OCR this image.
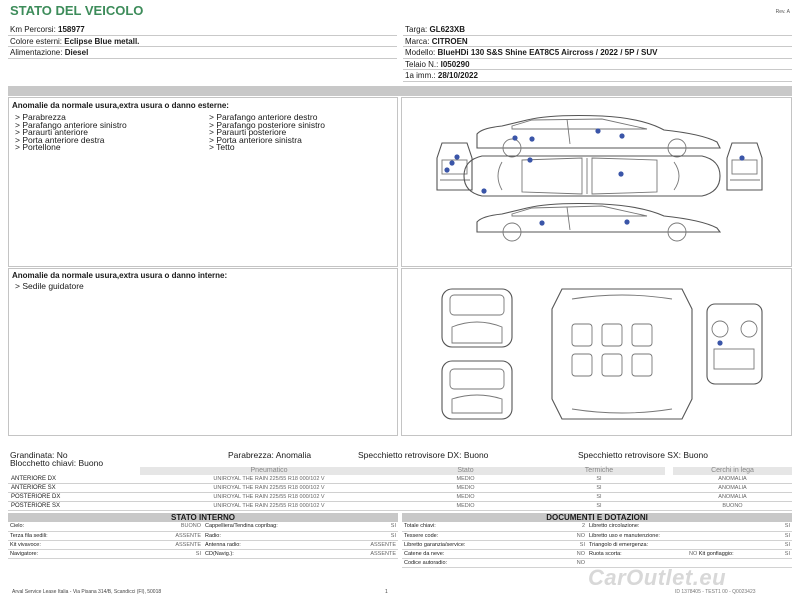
STATO DEL VEICOLO	Rev. A
Km Percorsi: 158977
Colore esterni: Eclipse Blue metall.
Alimentazione: Diesel
Targa: GL623XB
Marca: CITROEN
Modello: BlueHDi 130 S&S Shine EAT8C5 Aircross / 2022 / 5P / SUV
Telaio N.: I050290
1a imm.: 28/10/2022
Anomalie da normale usura,extra usura o danno esterne:
> Parabrezza
> Parafango anteriore sinistro
> Paraurti anteriore
> Porta anteriore destra
> Portellone
> Parafango anteriore destro
> Parafango posteriore sinistro
> Paraurti posteriore
> Porta anteriore sinistra
> Tetto
Anomalie da normale usura,extra usura o danno interne:
> Sedile guidatore
Grandinata: No	Parabrezza: Anomalia	Specchietto retrovisore DX: Buono	Specchietto retrovisore SX: Buono
Blocchetto chiavi: Buono
	Pneumatico	Stato	Termiche		Cerchi in lega
ANTERIORE DX	UNIROYAL THE RAIN 225/55 R18 000/102 V	MEDIO	SI		ANOMALIA
ANTERIORE SX	UNIROYAL THE RAIN 225/55 R18 000/102 V	MEDIO	SI		ANOMALIA
POSTERIORE DX	UNIROYAL THE RAIN 225/55 R18 000/102 V	MEDIO	SI		ANOMALIA
POSTERIORE SX	UNIROYAL THE RAIN 225/55 R18 000/102 V	MEDIO	SI		BUONO
STATO INTERNO
Cielo:	BUONO	Cappelliera/Tendina copribag:	SI
Terza fila sedili:	ASSENTE	Radio:	SI
Kit vivavoce:	ASSENTE	Antenna radio:	ASSENTE
Navigatore:	SI	CD(Navig.):	ASSENTE
DOCUMENTI E DOTAZIONI
Totale chiavi:	2	Libretto circolazione:	SI
Tessere code:	NO	Libretto uso e manutenzione:	SI
Libretto garanzia/service:	SI	Triangolo di emergenza:	SI
Catene da neve:	NO	Ruota scorta:	NO Kit gonfiaggio: SI

Codice autoradio:	NO		
CarOutlet.eu
Arval Service Lease Italia - Via Pisana 314/B, Scandicci (FI), 50018	1	ID 1378405 - TEST1 00 - Q0023423
